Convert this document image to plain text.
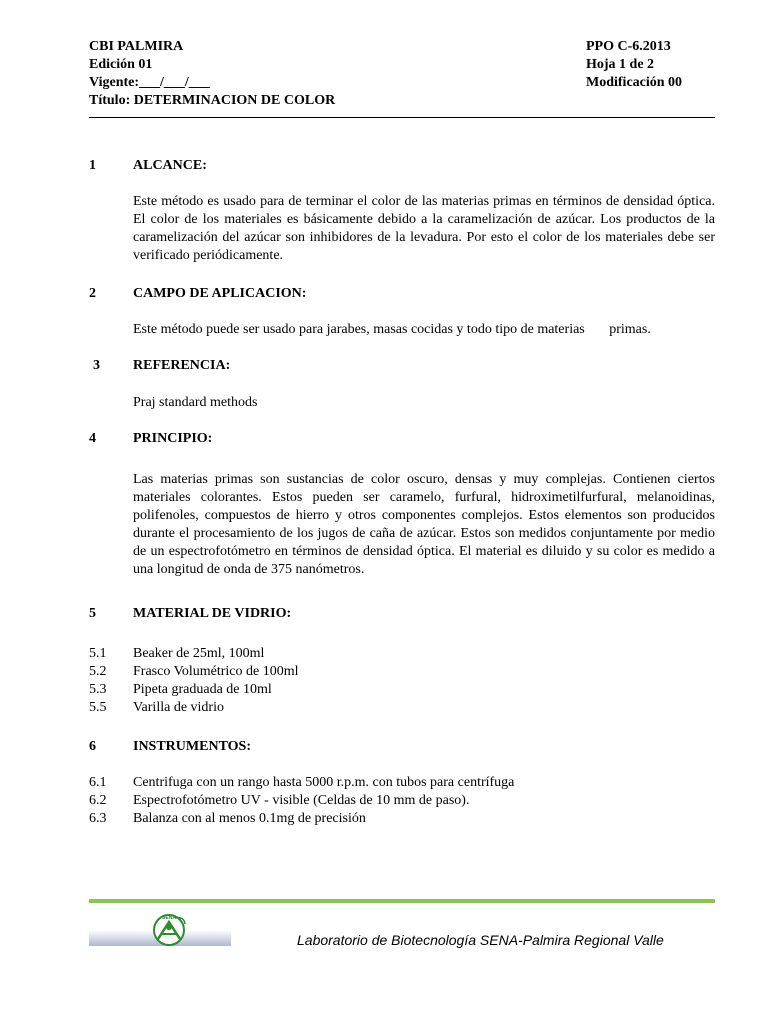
CBI PALMIRA
Edición 01
Vigente:___/___/___
Título: DETERMINACION DE COLOR
PPO C-6.2013
Hoja 1 de 2
Modificación 00
1	ALCANCE:
Este método es usado para de terminar el color de las materias primas en términos de densidad óptica. El color de los materiales es básicamente debido a la caramelización de azúcar. Los productos de la caramelización del azúcar son inhibidores de la levadura. Por esto el color de los materiales debe ser verificado periódicamente.
2	CAMPO DE APLICACION:
Este método puede ser usado para jarabes, masas cocidas y todo tipo de materias       primas.
3	REFERENCIA:
Praj standard methods
4	PRINCIPIO:
Las materias primas son sustancias de color oscuro, densas y muy complejas. Contienen ciertos materiales colorantes. Estos pueden ser caramelo, furfural, hidroximetilfurfural, melanoidinas, polifenoles, compuestos de hierro y otros componentes complejos. Estos elementos son producidos durante el procesamiento de los jugos de caña de azúcar. Estos son medidos conjuntamente por medio de un espectrofotómetro en términos de densidad óptica. El material es diluido y su color es medido a una longitud de onda de 375 nanómetros.
5	MATERIAL DE VIDRIO:
5.1	Beaker de 25ml, 100ml
5.2	Frasco Volumétrico de 100ml
5.3	Pipeta graduada de 10ml
5.5	Varilla de vidrio
6	INSTRUMENTOS:
6.1	Centrifuga con un rango hasta 5000 r.p.m. con tubos para centrífuga
6.2	Espectrofotómetro UV - visible (Celdas de 10 mm de paso).
6.3	Balanza con al menos 0.1mg de precisión
SENA
Laboratorio de Biotecnología SENA-Palmira Regional Valle
